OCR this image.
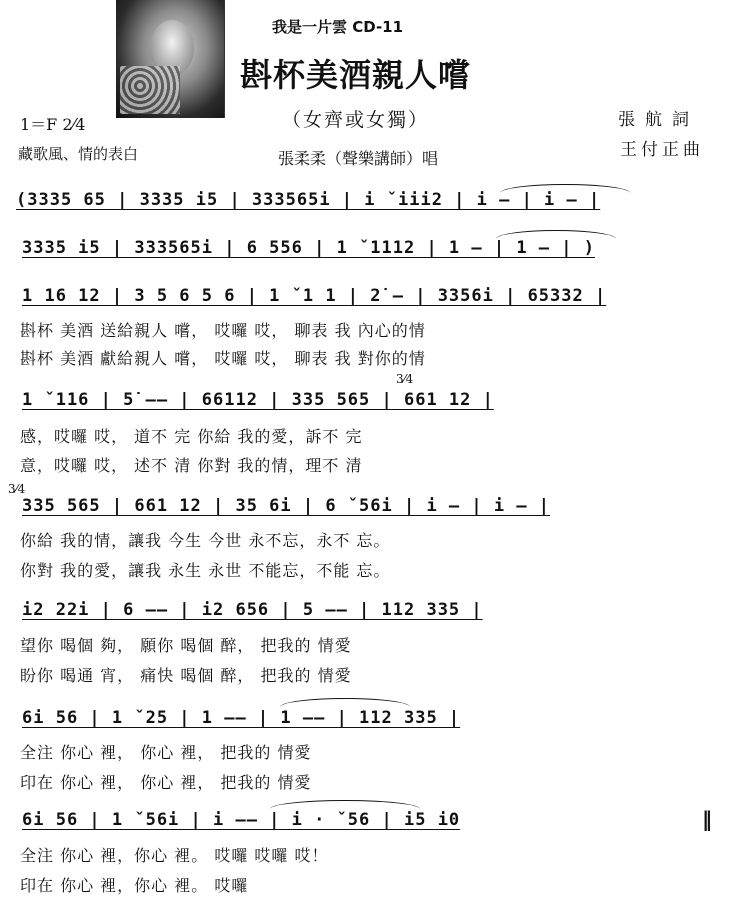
我是一片雲 CD-11
斟杯美酒親人嚐
（女齊或女獨）
1＝F 2⁄4
藏歌風、情的表白	張柔柔（聲樂講師）唱
張航詞
王付正曲
(3335 65 | 3335 i5 | 333565i | i ˇiii2 | i — | i — |
3335 i5 | 333565i | 6 556 | 1 ˇ1112 | 1 — | 1 — | )
1 16 12 | 3 5 6 5 6 | 1 ˇ1 1 | 2̇ — | 3356i | 65332 |
斟杯 美酒 送給親人 嚐， 哎囉 哎， 聊表 我 內心的情
斟杯 美酒 獻給親人 嚐， 哎囉 哎， 聊表 我 對你的情
3⁄4
1 ˇ116 | 5̇ —— | 66112 | 335 565 | 661 12 |
感，哎囉 哎， 道不 完 你給 我的愛，訴不 完
意，哎囉 哎， 述不 清 你對 我的情，理不 清
3⁄4
335 565 | 661 12 | 35 6i | 6 ˇ56i | i — | i — |
你給 我的情，讓我 今生 今世 永不忘，永不 忘。
你對 我的愛，讓我 永生 永世 不能忘，不能 忘。
i2 22i | 6 —— | i2 656 | 5 —— | 112 335 |
望你 喝個 夠， 願你 喝個 醉， 把我的 情愛
盼你 喝通 宵， 痛快 喝個 醉， 把我的 情愛
6i 56 | 1 ˇ25 | 1 —— | 1 —— | 112 335 |
全注 你心 裡， 你心 裡， 把我的 情愛
印在 你心 裡， 你心 裡， 把我的 情愛
6i 56 | 1 ˇ56i | i —— | i · ˇ56 | i5 i0	‖
全注 你心 裡，你心 裡。 哎囉 哎囉 哎！
印在 你心 裡，你心 裡。 哎囉
